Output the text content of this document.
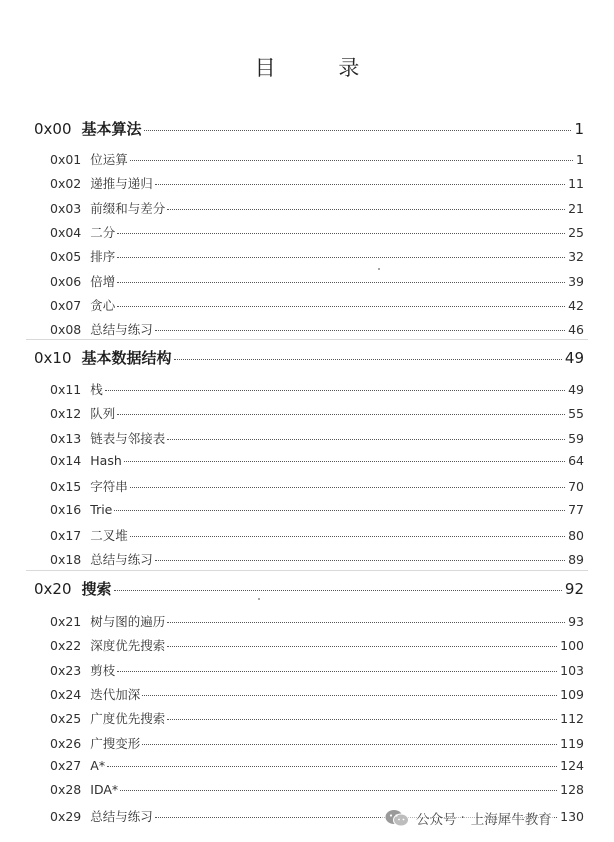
目 录
0x00 基本算法	1
0x01 位运算	1
0x02 递推与递归	11
0x03 前缀和与差分	21
0x04 二分	25
0x05 排序	32
0x06 倍增	39
0x07 贪心	42
0x08 总结与练习	46
0x10 基本数据结构	49
0x11 栈	49
0x12 队列	55
0x13 链表与邻接表	59
0x14 Hash	64
0x15 字符串	70
0x16 Trie	77
0x17 二叉堆	80
0x18 总结与练习	89
0x20 搜索	92
0x21 树与图的遍历	93
0x22 深度优先搜索	100
0x23 剪枝	103
0x24 迭代加深	109
0x25 广度优先搜索	112
0x26 广搜变形	119
0x27 A*	124
0x28 IDA*	128
0x29 总结与练习	130
公众号 · 上海犀牛教育
